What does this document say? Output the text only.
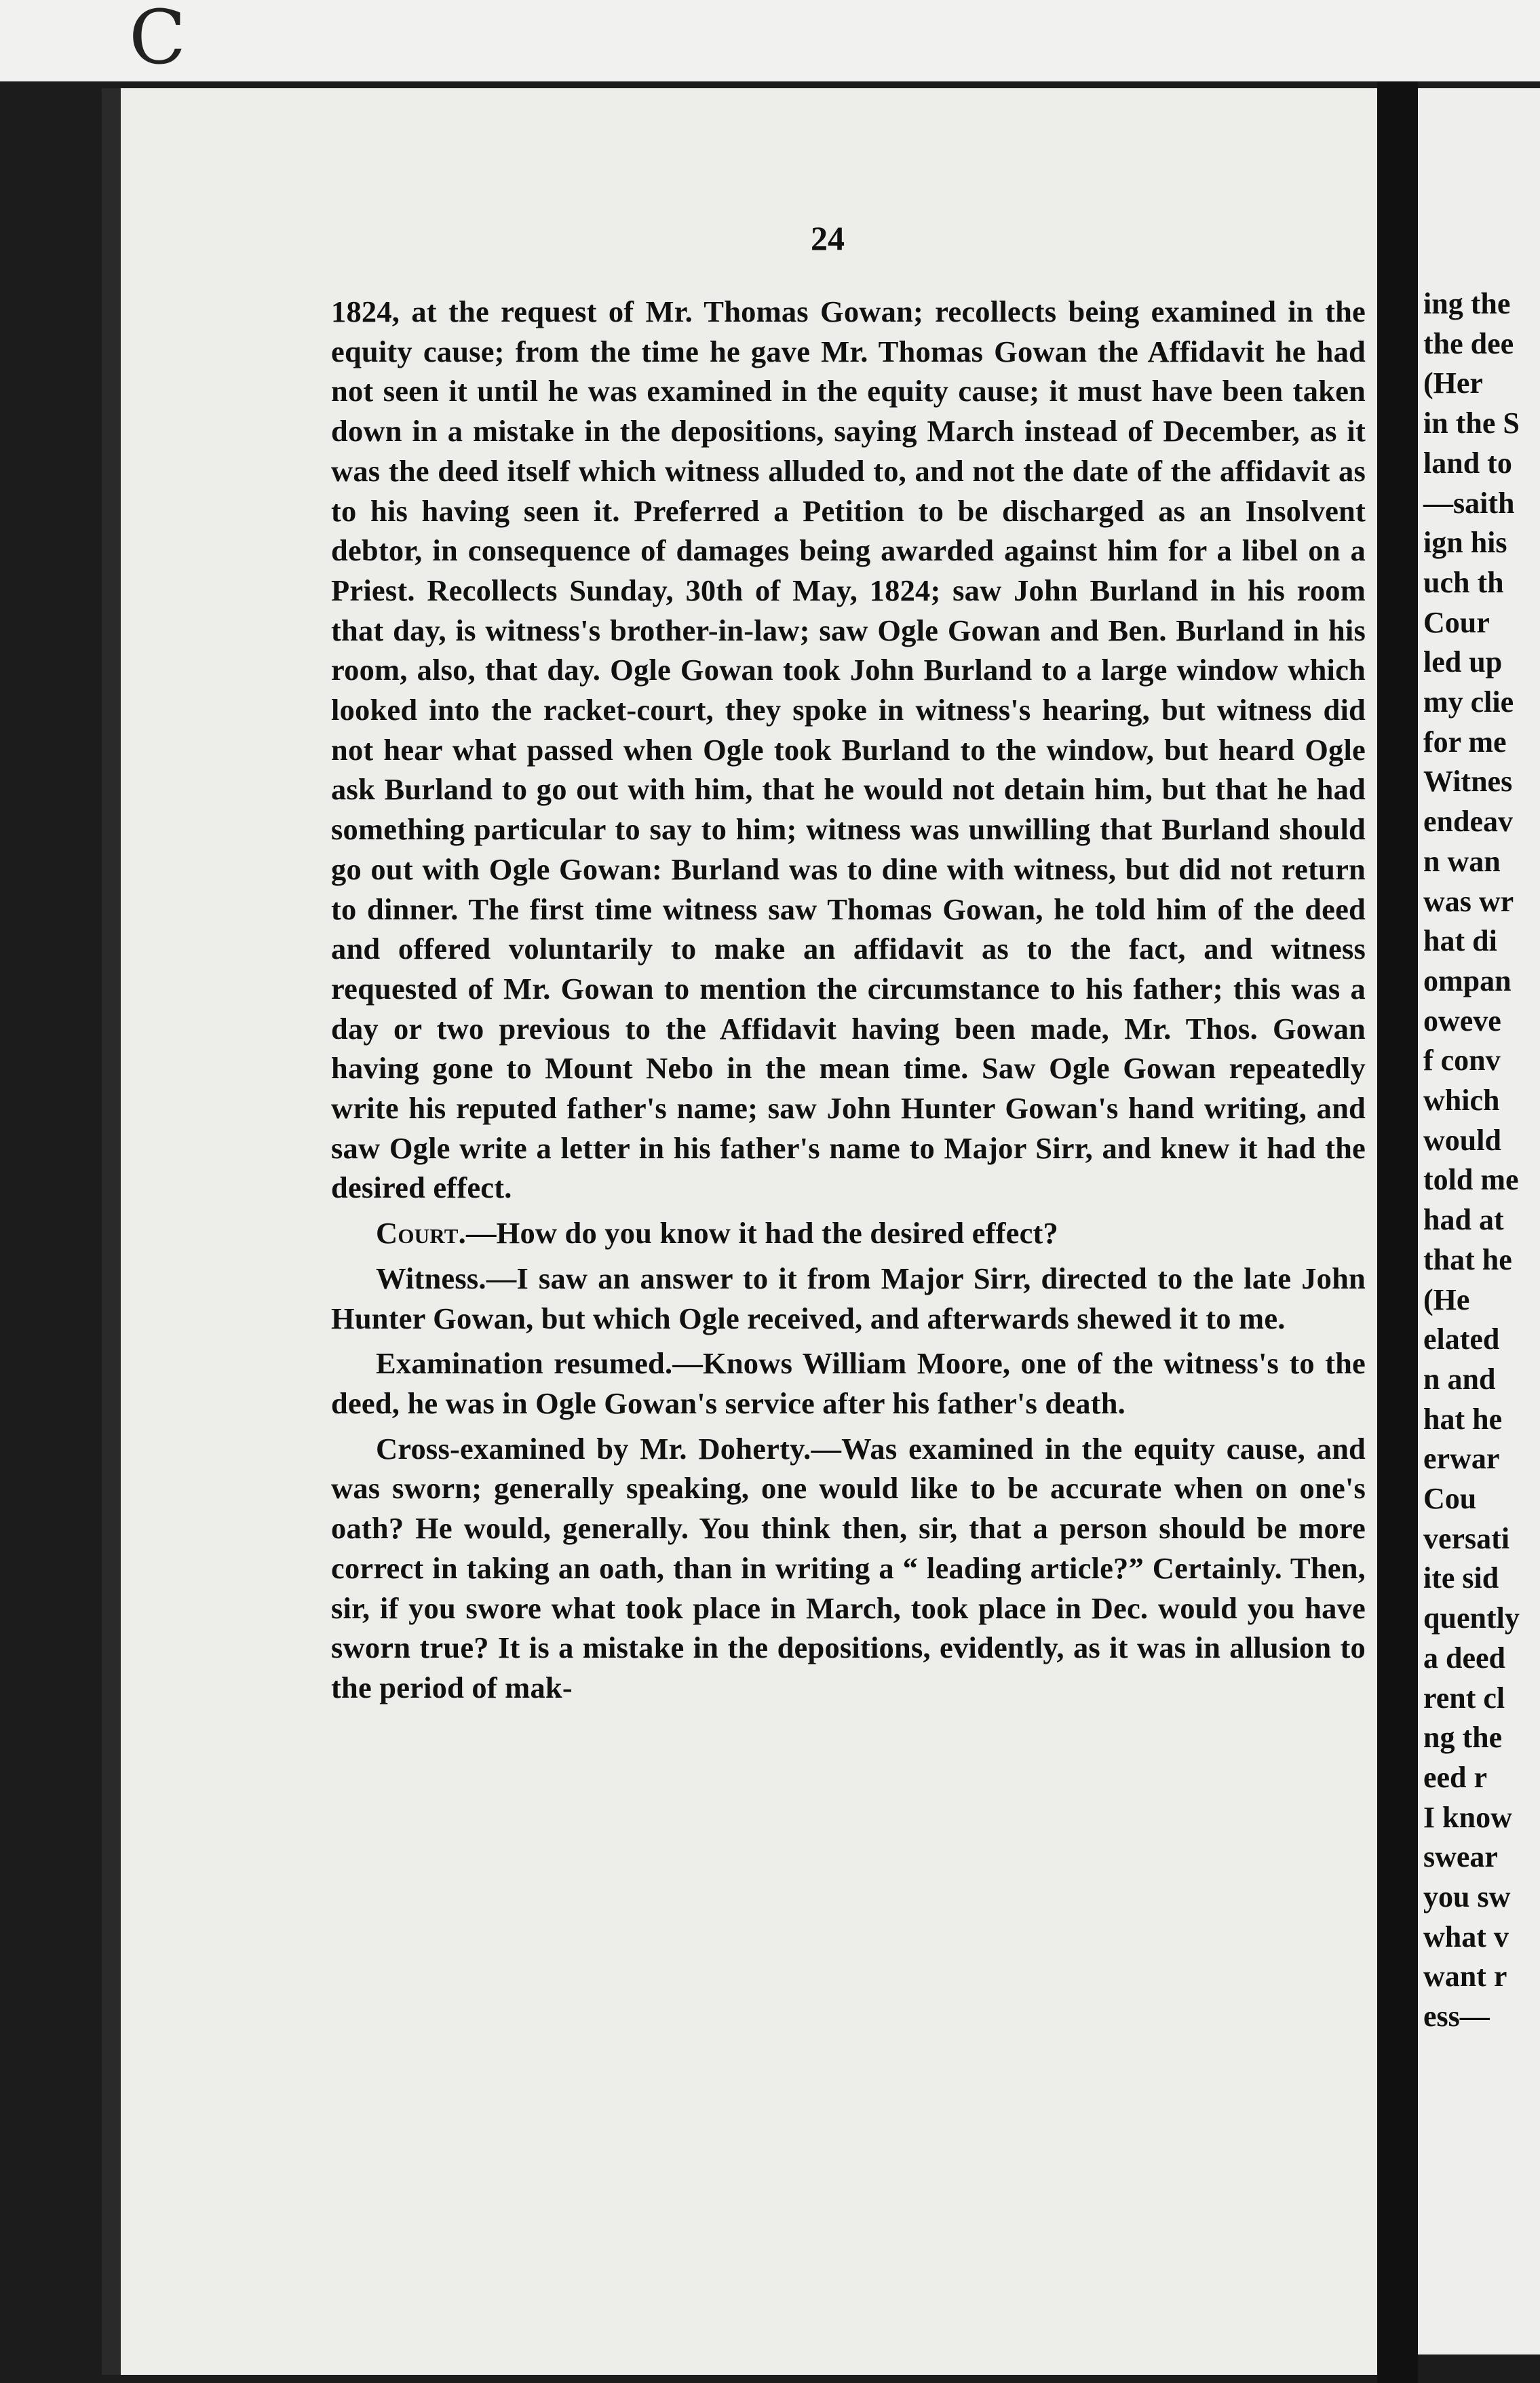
C
ing the
the dee
(Her
in the S
land to
—saith
ign his
uch th
Cour
led up
my clie
for me
Witnes
endeav
n wan
was wr
hat di
ompan
oweve
f conv
which
would
told me
had at
that he
(He
elated
n and
hat he
erwar
Cou
versati
ite sid
quently
a deed
rent cl
ng the
eed r
I know
swear
you sw
what v
want r
ess—
24

1824, at the request of Mr. Thomas Gowan; recollects being examined in the equity cause; from the time he gave Mr. Thomas Gowan the Affidavit he had not seen it until he was examined in the equity cause; it must have been taken down in a mistake in the depositions, saying March instead of December, as it was the deed itself which witness alluded to, and not the date of the affidavit as to his having seen it. Preferred a Petition to be discharged as an Insolvent debtor, in consequence of damages being awarded against him for a libel on a Priest. Recollects Sunday, 30th of May, 1824; saw John Burland in his room that day, is witness's brother-in-law; saw Ogle Gowan and Ben. Burland in his room, also, that day. Ogle Gowan took John Burland to a large window which looked into the racket-court, they spoke in witness's hearing, but witness did not hear what passed when Ogle took Burland to the window, but heard Ogle ask Burland to go out with him, that he would not detain him, but that he had something particular to say to him; witness was unwilling that Burland should go out with Ogle Gowan: Burland was to dine with witness, but did not return to dinner. The first time witness saw Thomas Gowan, he told him of the deed and offered voluntarily to make an affidavit as to the fact, and witness requested of Mr. Gowan to mention the circumstance to his father; this was a day or two previous to the Affidavit having been made, Mr. Thos. Gowan having gone to Mount Nebo in the mean time. Saw Ogle Gowan repeatedly write his reputed father's name; saw John Hunter Gowan's hand writing, and saw Ogle write a letter in his father's name to Major Sirr, and knew it had the desired effect.

Court.—How do you know it had the desired effect?

Witness.—I saw an answer to it from Major Sirr, directed to the late John Hunter Gowan, but which Ogle received, and afterwards shewed it to me.

Examination resumed.—Knows William Moore, one of the witness's to the deed, he was in Ogle Gowan's service after his father's death.

Cross-examined by Mr. Doherty.—Was examined in the equity cause, and was sworn; generally speaking, one would like to be accurate when on one's oath? He would, generally. You think then, sir, that a person should be more correct in taking an oath, than in writing a “ leading article?” Certainly. Then, sir, if you swore what took place in March, took place in Dec. would you have sworn true? It is a mistake in the depositions, evidently, as it was in allusion to the period of mak-
